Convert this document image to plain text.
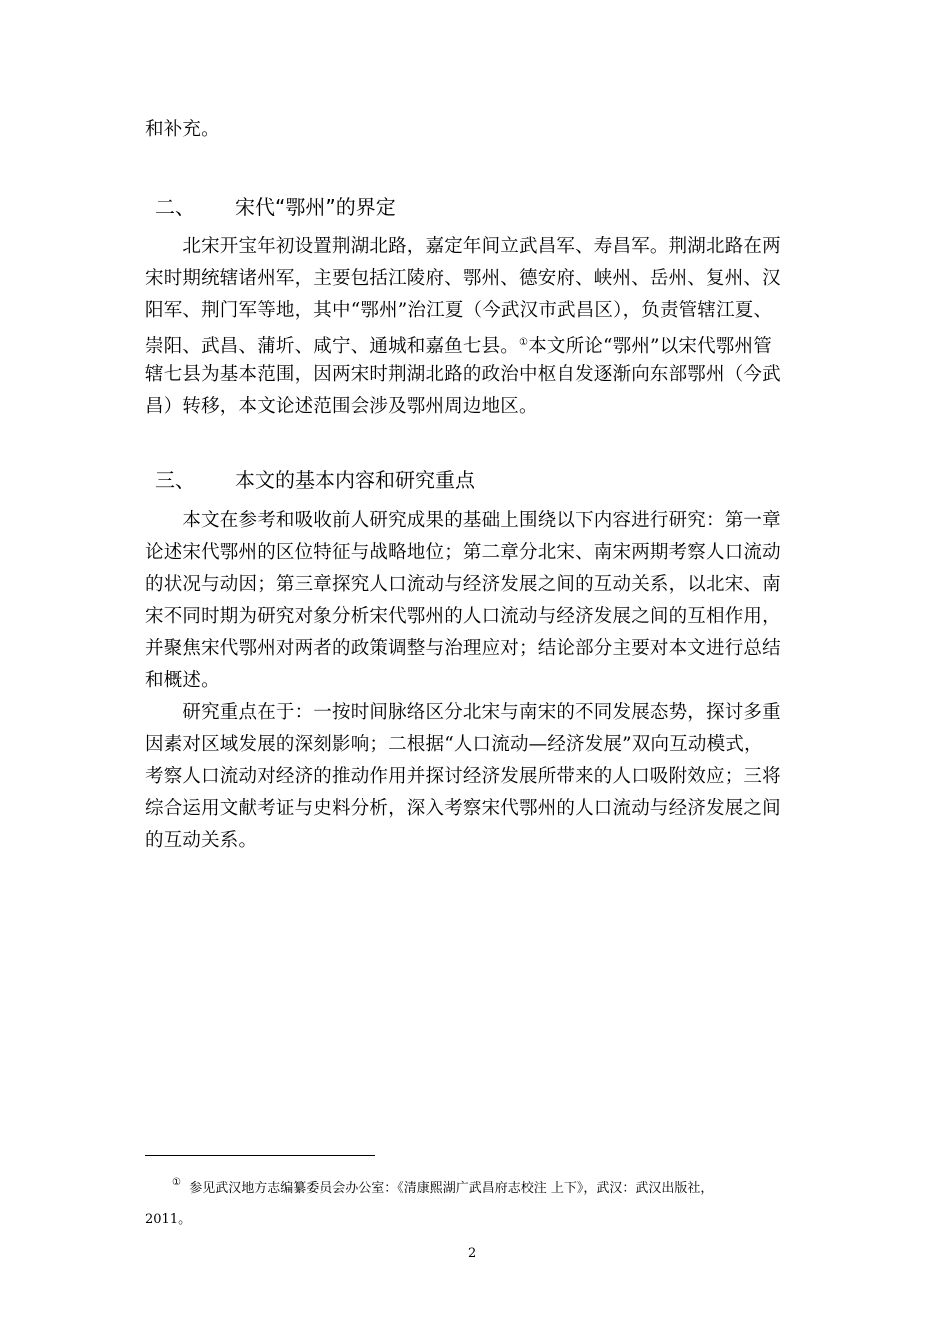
和补充。
二、 宋代“鄂州”的界定
　　北宋开宝年初设置荆湖北路，嘉定年间立武昌军、寿昌军。荆湖北路在两
宋时期统辖诸州军，主要包括江陵府、鄂州、德安府、峡州、岳州、复州、汉
阳军、荆门军等地，其中“鄂州”治江夏（今武汉市武昌区），负责管辖江夏、
崇阳、武昌、蒲圻、咸宁、通城和嘉鱼七县。①本文所论“鄂州”以宋代鄂州管
辖七县为基本范围，因两宋时荆湖北路的政治中枢自发逐渐向东部鄂州（今武
昌）转移，本文论述范围会涉及鄂州周边地区。
三、 本文的基本内容和研究重点
　　本文在参考和吸收前人研究成果的基础上围绕以下内容进行研究：第一章
论述宋代鄂州的区位特征与战略地位；第二章分北宋、南宋两期考察人口流动
的状况与动因；第三章探究人口流动与经济发展之间的互动关系，以北宋、南
宋不同时期为研究对象分析宋代鄂州的人口流动与经济发展之间的互相作用，
并聚焦宋代鄂州对两者的政策调整与治理应对；结论部分主要对本文进行总结
和概述。
　　研究重点在于：一按时间脉络区分北宋与南宋的不同发展态势，探讨多重
因素对区域发展的深刻影响；二根据“人口流动—经济发展”双向互动模式，
考察人口流动对经济的推动作用并探讨经济发展所带来的人口吸附效应；三将
综合运用文献考证与史料分析，深入考察宋代鄂州的人口流动与经济发展之间
的互动关系。
① 参见武汉地方志编纂委员会办公室：《清康熙湖广武昌府志校注 上下》，武汉：武汉出版社，
2011。
2
